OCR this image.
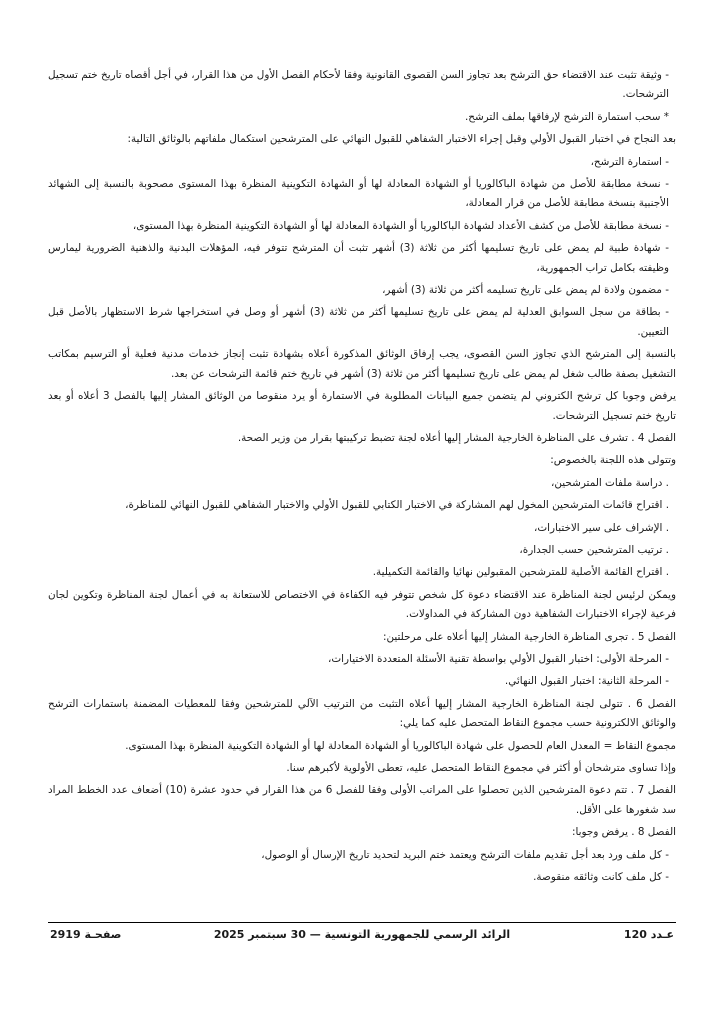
- وثيقة تثبت عند الاقتضاء حق الترشح بعد تجاوز السن القصوى القانونية وفقا لأحكام الفصل الأول من هذا القرار، في أجل أقصاه تاريخ ختم تسجيل الترشحات.

* سحب استمارة الترشح لإرفاقها بملف الترشح.

بعد النجاح في اختبار القبول الأولي وقبل إجراء الاختبار الشفاهي للقبول النهائي على المترشحين استكمال ملفاتهم بالوثائق التالية:

- استمارة الترشح،

- نسخة مطابقة للأصل من شهادة الباكالوريا أو الشهادة المعادلة لها أو الشهادة التكوينية المنظرة بهذا المستوى مصحوبة بالنسبة إلى الشهائد الأجنبية بنسخة مطابقة للأصل من قرار المعادلة،

- نسخة مطابقة للأصل من كشف الأعداد لشهادة الباكالوريا أو الشهادة المعادلة لها أو الشهادة التكوينية المنظرة بهذا المستوى،

- شهادة طبية لم يمض على تاريخ تسليمها أكثر من ثلاثة (3) أشهر تثبت أن المترشح تتوفر فيه، المؤهلات البدنية والذهنية الضرورية ليمارس وظيفته بكامل تراب الجمهورية،

- مضمون ولادة لم يمض على تاريخ تسليمه أكثر من ثلاثة (3) أشهر،

- بطاقة من سجل السوابق العدلية لم يمض على تاريخ تسليمها أكثر من ثلاثة (3) أشهر أو وصل في استخراجها شرط الاستظهار بالأصل قبل التعيين.

بالنسبة إلى المترشح الذي تجاوز السن القصوى، يجب إرفاق الوثائق المذكورة أعلاه بشهادة تثبت إنجاز خدمات مدنية فعلية أو الترسيم بمكاتب التشغيل بصفة طالب شغل لم يمض على تاريخ تسليمها أكثر من ثلاثة (3) أشهر في تاريخ ختم قائمة الترشحات عن بعد.

يرفض وجوبا كل ترشح الكتروني لم يتضمن جميع البيانات المطلوبة في الاستمارة أو يرد منقوصا من الوثائق المشار إليها بالفصل 3 أعلاه أو بعد تاريخ ختم تسجيل الترشحات.

الفصل 4 . تشرف على المناظرة الخارجية المشار إليها أعلاه لجنة تضبط تركيبتها بقرار من وزير الصحة.

وتتولى هذه اللجنة بالخصوص:

. دراسة ملفات المترشحين،

. اقتراح قائمات المترشحين المخول لهم المشاركة في الاختبار الكتابي للقبول الأولي والاختبار الشفاهي للقبول النهائي للمناظرة،

. الإشراف على سير الاختبارات،

. ترتيب المترشحين حسب الجدارة،

. اقتراح القائمة الأصلية للمترشحين المقبولين نهائيا والقائمة التكميلية.

ويمكن لرئيس لجنة المناظرة عند الاقتضاء دعوة كل شخص تتوفر فيه الكفاءة في الاختصاص للاستعانة به في أعمال لجنة المناظرة وتكوين لجان فرعية لإجراء الاختبارات الشفاهية دون المشاركة في المداولات.

الفصل 5 . تجرى المناظرة الخارجية المشار إليها أعلاه على مرحلتين:

- المرحلة الأولى: اختبار القبول الأولي بواسطة تقنية الأسئلة المتعددة الاختيارات،

- المرحلة الثانية: اختبار القبول النهائي.

الفصل 6 . تتولى لجنة المناظرة الخارجية المشار إليها أعلاه التثبت من الترتيب الآلي للمترشحين وفقا للمعطيات المضمنة باستمارات الترشح والوثائق الالكترونية حسب مجموع النقاط المتحصل عليه كما يلي:

مجموع النقاط = المعدل العام للحصول على شهادة الباكالوريا أو الشهادة المعادلة لها أو الشهادة التكوينية المنظرة بهذا المستوى.

وإذا تساوى مترشحان أو أكثر في مجموع النقاط المتحصل عليه، تعطى الأولوية لأكبرهم سنا.

الفصل 7 . تتم دعوة المترشحين الذين تحصلوا على المراتب الأولى وفقا للفصل 6 من هذا القرار في حدود عشرة (10) أضعاف عدد الخطط المراد سد شغورها على الأقل.

الفصل 8 . يرفض وجوبا:

- كل ملف ورد بعد أجل تقديم ملفات الترشح ويعتمد ختم البريد لتحديد تاريخ الإرسال أو الوصول،

- كل ملف كانت وثائقه منقوصة.

عـدد 120
الرائد الرسمي للجمهورية التونسية — 30 سبتمبر 2025
صفحـة 2919
